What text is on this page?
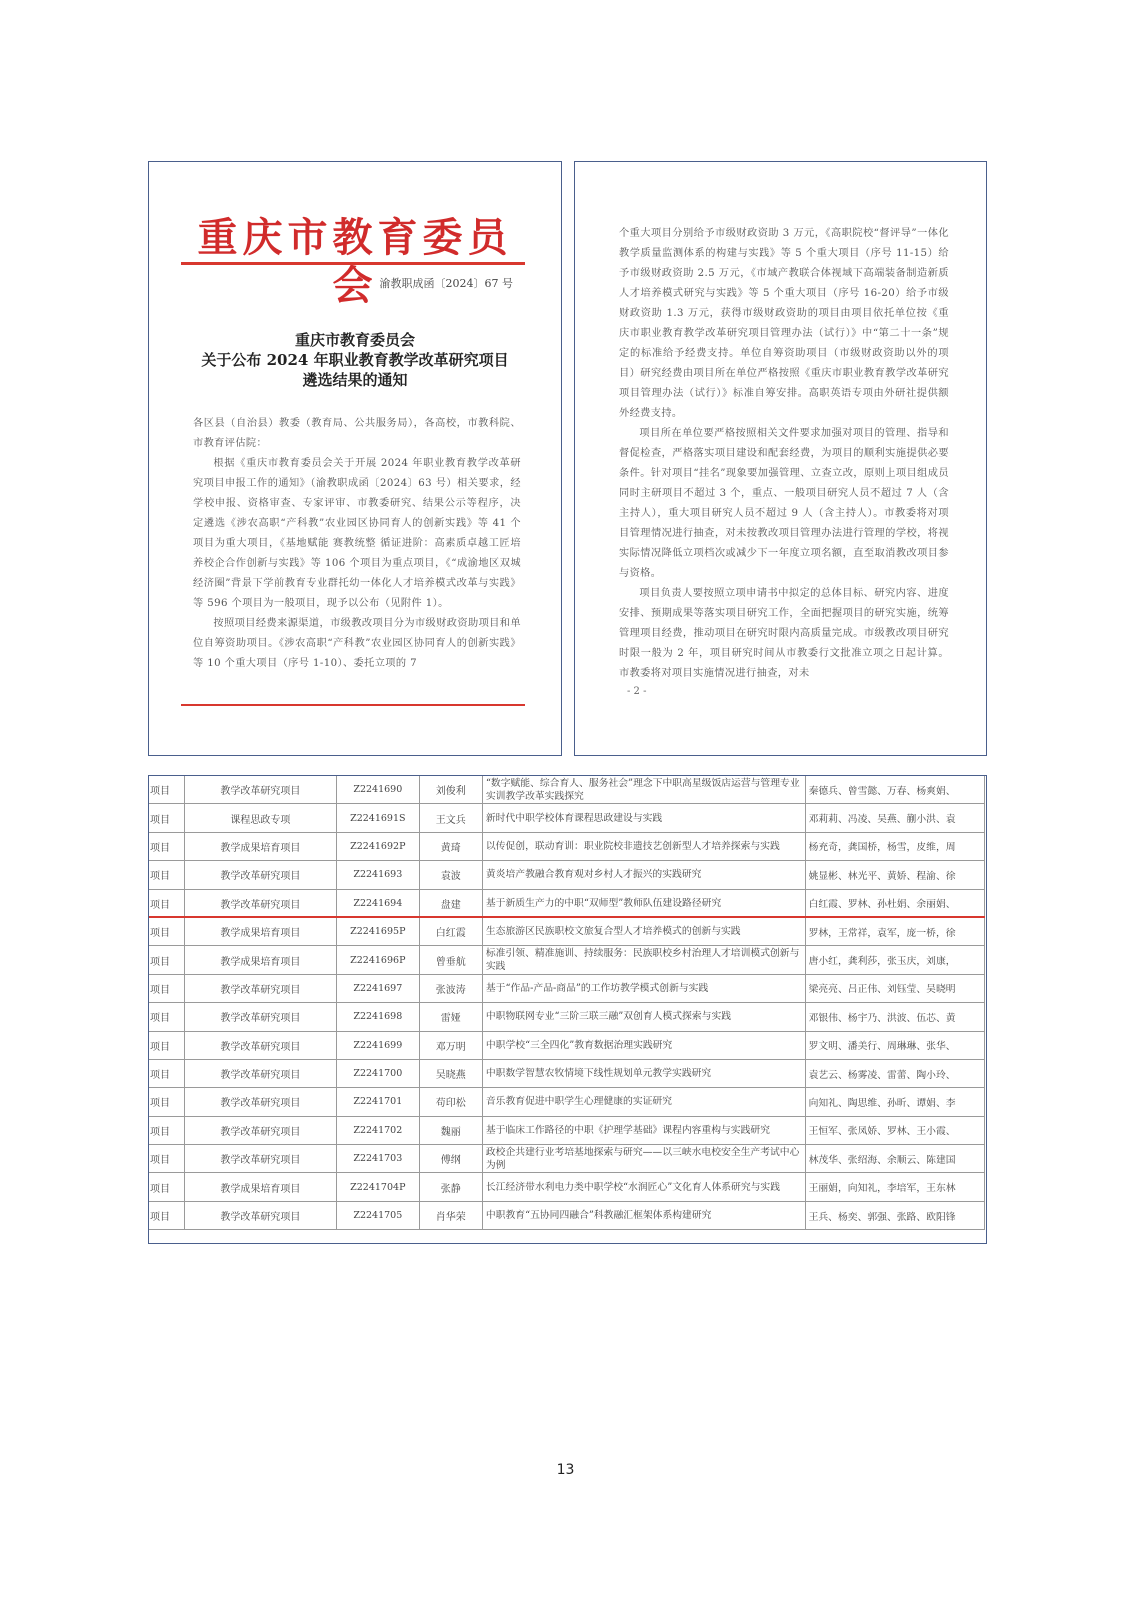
重庆市教育委员会 渝教职成函〔2024〕67 号
重庆市教育委员会
关于公布 2024 年职业教育教学改革研究项目
遴选结果的通知

各区县（自治县）教委（教育局、公共服务局），各高校，市教科院、市教育评估院：

根据《重庆市教育委员会关于开展 2024 年职业教育教学改革研究项目申报工作的通知》（渝教职成函〔2024〕63 号）相关要求，经学校申报、资格审查、专家评审、市教委研究、结果公示等程序，决定遴选《涉农高职“产科教”农业园区协同育人的创新实践》等 41 个项目为重大项目，《基地赋能 赛教统整 循证进阶：高素质卓越工匠培养校企合作创新与实践》等 106 个项目为重点项目，《“成渝地区双城经济圈”背景下学前教育专业群托幼一体化人才培养模式改革与实践》等 596 个项目为一般项目，现予以公布（见附件 1）。

按照项目经费来源渠道，市级教改项目分为市级财政资助项目和单位自筹资助项目。《涉农高职“产科教”农业园区协同育人的创新实践》等 10 个重大项目（序号 1-10）、委托立项的 7

个重大项目分别给予市级财政资助 3 万元，《高职院校“督评导”一体化教学质量监测体系的构建与实践》等 5 个重大项目（序号 11-15）给予市级财政资助 2.5 万元，《市域产教联合体视域下高端装备制造新质人才培养模式研究与实践》等 5 个重大项目（序号 16-20）给予市级财政资助 1.3 万元，获得市级财政资助的项目由项目依托单位按《重庆市职业教育教学改革研究项目管理办法（试行）》中“第二十一条”规定的标准给予经费支持。单位自筹资助项目（市级财政资助以外的项目）研究经费由项目所在单位严格按照《重庆市职业教育教学改革研究项目管理办法（试行）》标准自筹安排。高职英语专项由外研社提供额外经费支持。

项目所在单位要严格按照相关文件要求加强对项目的管理、指导和督促检查，严格落实项目建设和配套经费，为项目的顺利实施提供必要条件。针对项目“挂名”现象要加强管理、立查立改，原则上项目组成员同时主研项目不超过 3 个，重点、一般项目研究人员不超过 7 人（含主持人），重大项目研究人员不超过 9 人（含主持人）。市教委将对项目管理情况进行抽查，对未按教改项目管理办法进行管理的学校，将视实际情况降低立项档次或减少下一年度立项名额，直至取消教改项目参与资格。

项目负责人要按照立项申请书中拟定的总体目标、研究内容、进度安排、预期成果等落实项目研究工作，全面把握项目的研究实施，统筹管理项目经费，推动项目在研究时限内高质量完成。市级教改项目研究时限一般为 2 年，项目研究时间从市教委行文批准立项之日起计算。市教委将对项目实施情况进行抽查，对未

- 2 -
项目	教学改革研究项目	Z2241690	刘俊利	“数字赋能、综合育人、服务社会”理念下中职高星级饭店运营与管理专业实训教学改革实践探究	秦德兵、曾雪懿、万春、杨爽娟、
项目	课程思政专项	Z2241691S	王文兵	新时代中职学校体育课程思政建设与实践	邓莉莉、冯凌、吴燕、蒯小洪、袁
项目	教学成果培育项目	Z2241692P	黄琦	以传促创，联动育训：职业院校非遗技艺创新型人才培养探索与实践	杨充奇，龚国桥，杨雪，皮维，周
项目	教学改革研究项目	Z2241693	袁波	黄炎培产教融合教育观对乡村人才振兴的实践研究	姚显彬、林光平、黄娇、程渝、徐
项目	教学改革研究项目	Z2241694	盘建	基于新质生产力的中职“双师型”教师队伍建设路径研究	白红霞、罗林、孙杜娟、余丽娟、
项目	教学成果培育项目	Z2241695P	白红霞	生态旅游区民族职校文旅复合型人才培养模式的创新与实践	罗林，王常祥，袁军，庞一桥，徐
项目	教学成果培育项目	Z2241696P	曾垂航	标准引领、精准施训、持续服务：民族职校乡村治理人才培训模式创新与实践	唐小红，龚利莎，张玉庆，刘康，
项目	教学改革研究项目	Z2241697	张波涛	基于“作品-产品-商品”的工作坊教学模式创新与实践	梁亮亮、吕正伟、刘钰莹、吴晓明
项目	教学改革研究项目	Z2241698	雷娅	中职物联网专业“三阶三联三融”双创育人模式探索与实践	邓银伟、杨宇乃、洪波、伍芯、黄
项目	教学改革研究项目	Z2241699	邓万明	中职学校“三全四化”教育数据治理实践研究	罗文明、潘美行、周琳琳、张华、
项目	教学改革研究项目	Z2241700	吴晓燕	中职数学智慧农牧情境下线性规划单元教学实践研究	袁艺云、杨雾凌、雷蕾、陶小玲、
项目	教学改革研究项目	Z2241701	苟印松	音乐教育促进中职学生心理健康的实证研究	向知礼、陶思维、孙昕、谭娟、李
项目	教学改革研究项目	Z2241702	魏丽	基于临床工作路径的中职《护理学基础》课程内容重构与实践研究	王恒军、张凤娇、罗林、王小霞、
项目	教学改革研究项目	Z2241703	傅纲	政校企共建行业考培基地探索与研究——以三峡水电校安全生产考试中心为例	林茂华、张绍海、余顺云、陈建国
项目	教学成果培育项目	Z2241704P	张静	长江经济带水利电力类中职学校“水润匠心”文化育人体系研究与实践	王丽娟，向知礼，李培军，王东林
项目	教学改革研究项目	Z2241705	肖华荣	中职教育“五协同四融合”科教融汇框架体系构建研究	王兵、杨奕、郭强、张路、欧阳锋
13
